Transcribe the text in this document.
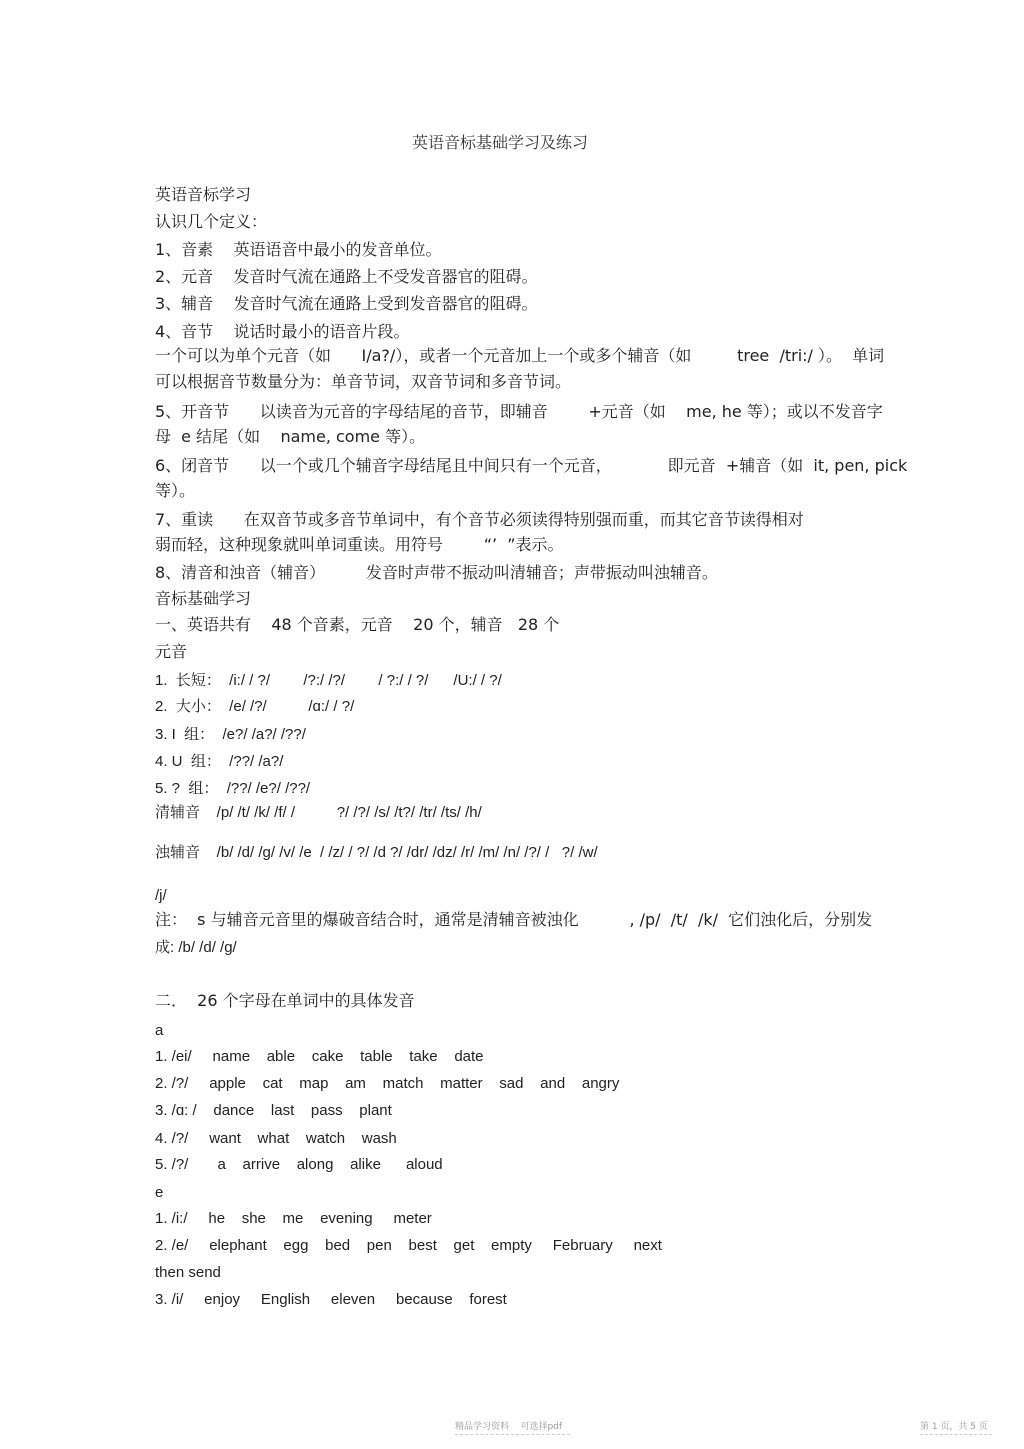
英语音标基础学习及练习
英语音标学习
认识几个定义：
1、音素    英语语音中最小的发音单位。
2、元音    发音时气流在通路上不受发音器官的阻碍。
3、辅音    发音时气流在通路上受到发音器官的阻碍。
4、音节    说话时最小的语音片段。
一个可以为单个元音（如      I/a?/），或者一个元音加上一个或多个辅音（如         tree  /tri:/ ）。  单词
可以根据音节数量分为：单音节词，双音节词和多音节词。
5、开音节      以读音为元音的字母结尾的音节，即辅音        +元音（如    me, he 等）；或以不发音字
母  e 结尾（如    name, come 等）。
6、闭音节      以一个或几个辅音字母结尾且中间只有一个元音，           即元音  +辅音（如  it, pen, pick
等）。
7、重读      在双音节或多音节单词中，有个音节必须读得特别强而重，而其它音节读得相对
弱而轻，这种现象就叫单词重读。用符号        “’  ”表示。
8、清音和浊音（辅音）        发音时声带不振动叫清辅音；声带振动叫浊辅音。
音标基础学习
一、英语共有    48 个音素，元音    20 个，辅音   28 个
元音
1.  长短：  /i:/ / ?/        /?:/ /?/        / ?:/ / ?/      /U:/ / ?/
2.  大小：  /e/ /?/          /ɑ:/ / ?/
3. I  组：  /e?/ /a?/ /??/
4. U  组：  /??/ /a?/
5. ?  组：  /??/ /e?/ /??/
清辅音    /p/ /t/ /k/ /f/ /          ?/ /?/ /s/ /t?/ /tr/ /ts/ /h/
浊辅音    /b/ /d/ /g/ /v/ /e  / /z/ / ?/ /d ?/ /dr/ /dz/ /r/ /m/ /n/ /?/ /   ?/ /w/
/j/
注：  s 与辅音元音里的爆破音结合时，通常是清辅音被浊化          , /p/  /t/  /k/  它们浊化后，分别发
成: /b/ /d/ /g/
二．  26 个字母在单词中的具体发音
a
1. /ei/     name    able    cake    table    take    date
2. /?/     apple    cat    map    am    match    matter    sad    and    angry
3. /ɑ: /    dance    last    pass    plant
4. /?/     want    what    watch    wash
5. /?/       a    arrive    along    alike      aloud
e
1. /i:/     he    she    me    evening     meter
2. /e/     elephant    egg    bed    pen    best    get    empty     February     next
then send
3. /i/     enjoy     English     eleven     because    forest
精品学习资料    可选择pdf	第 1 页，共 5 页
